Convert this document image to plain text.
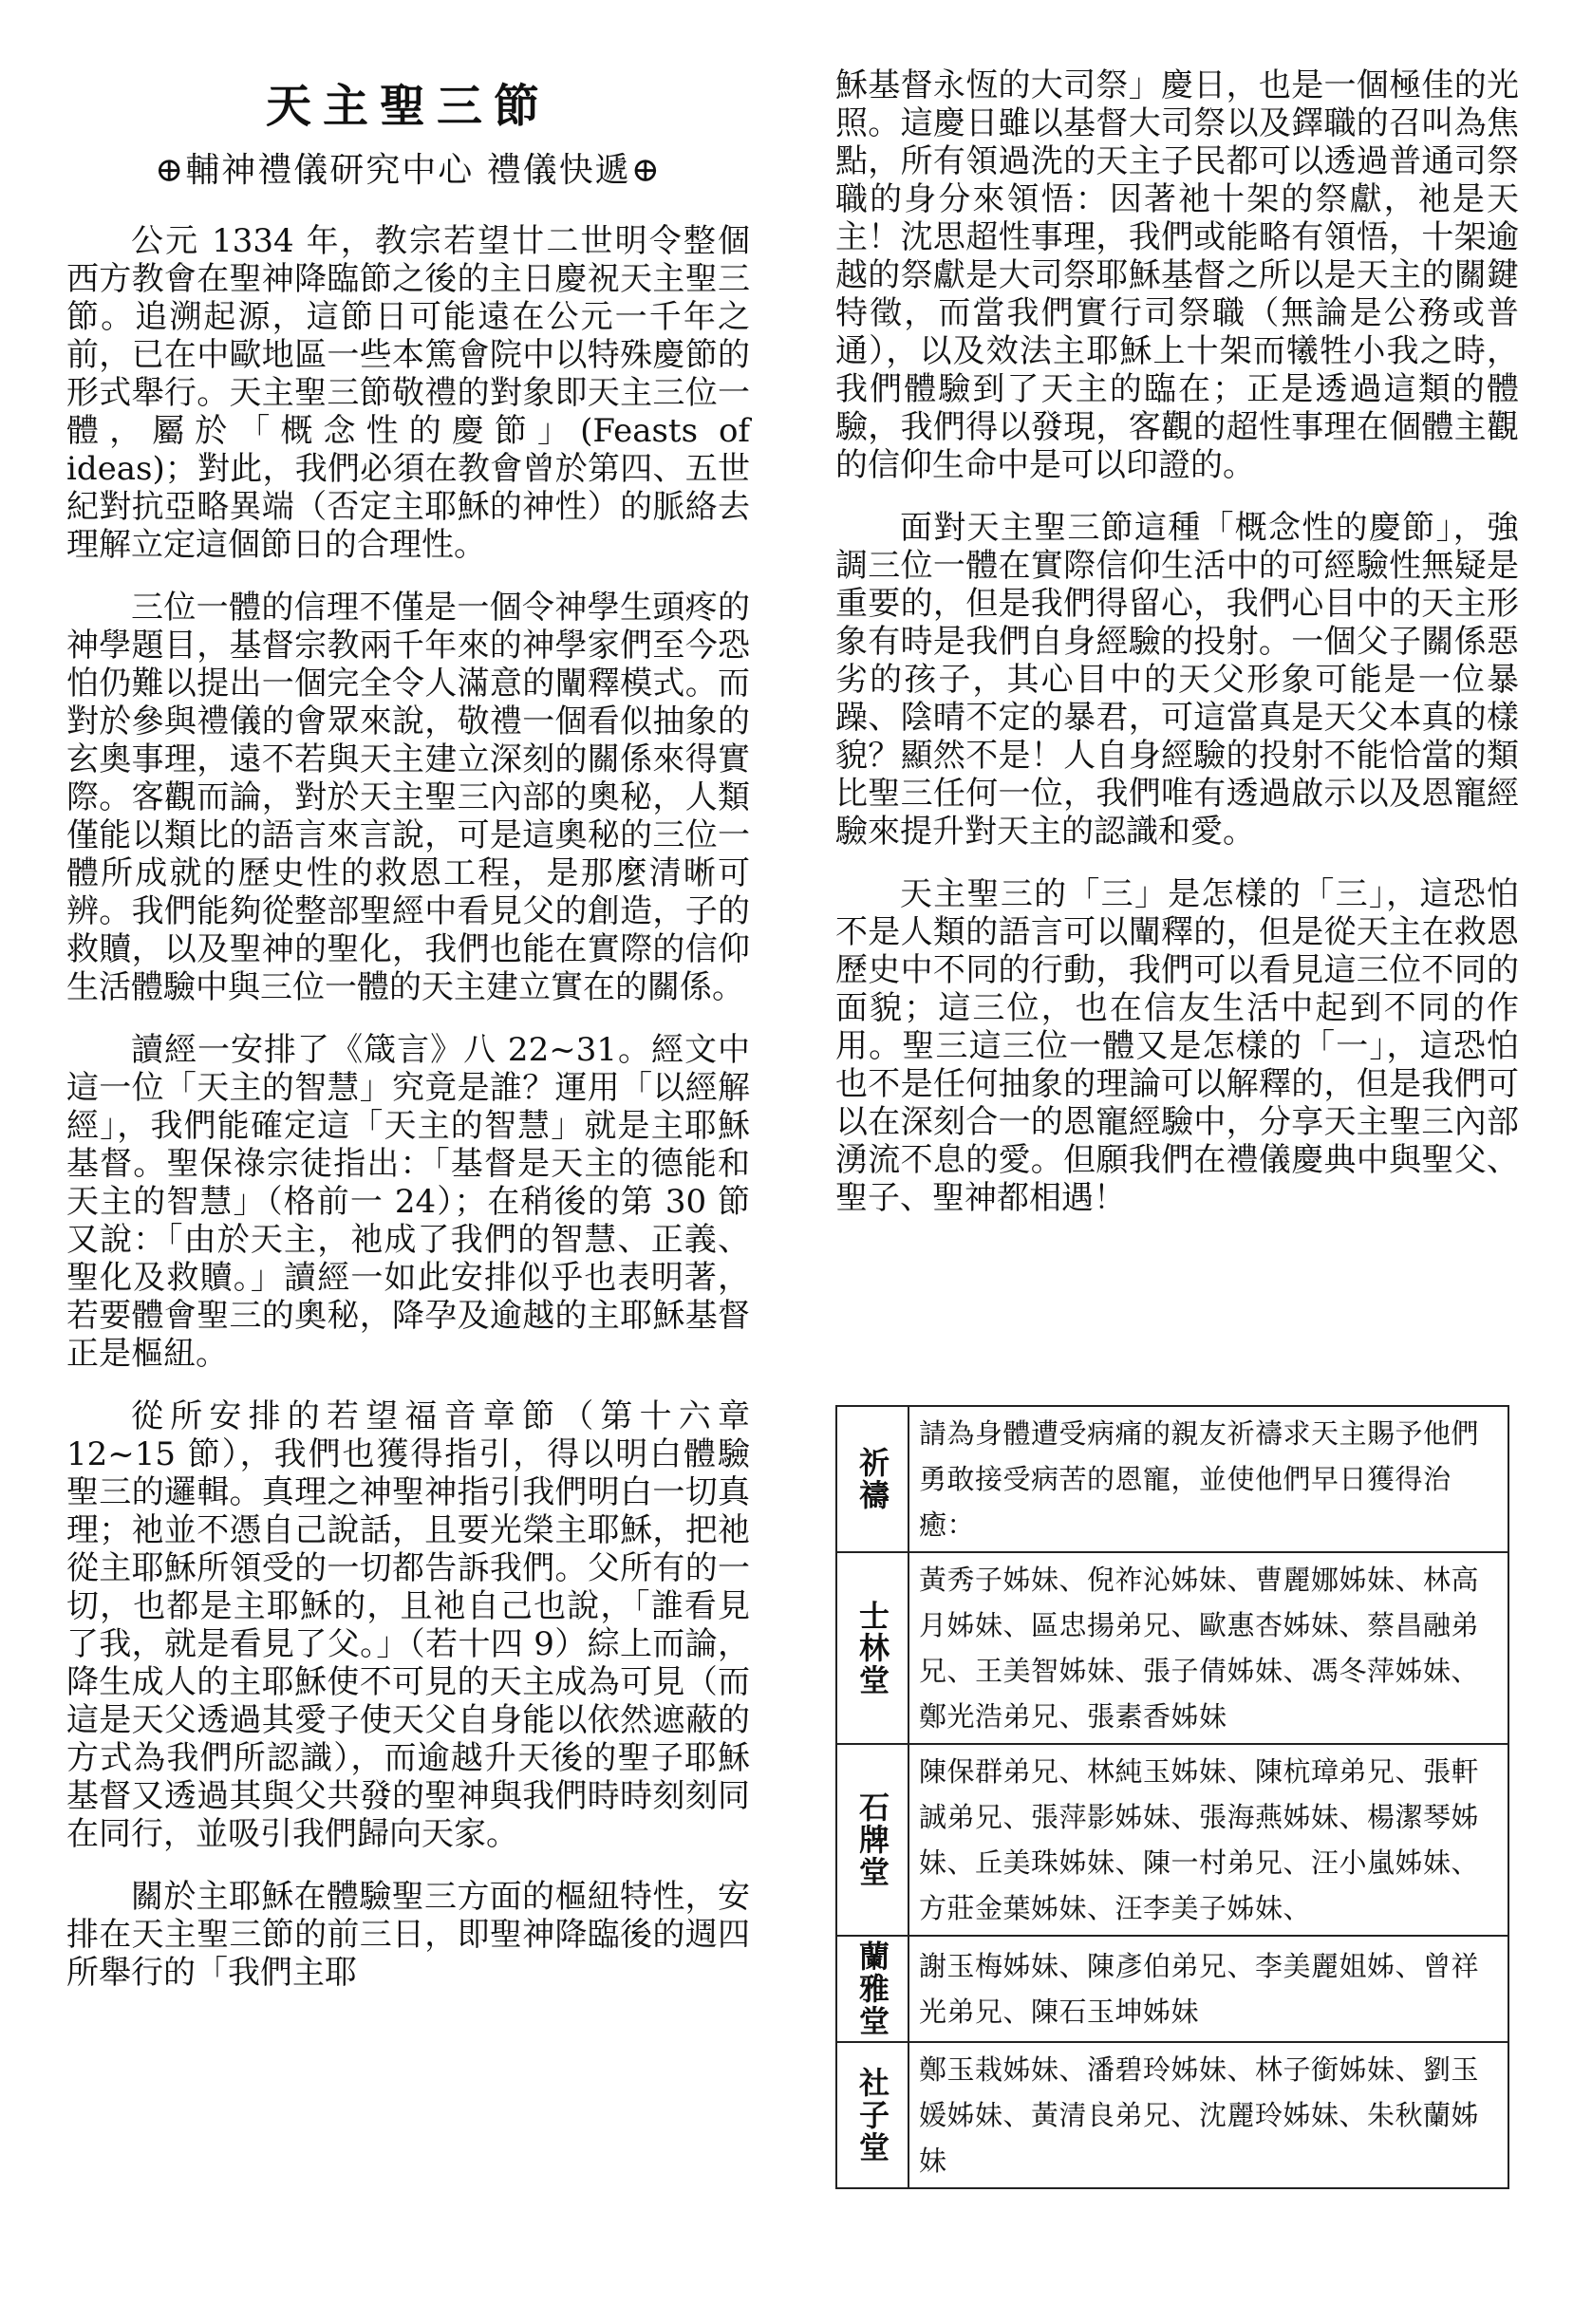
天主聖三節
⊕輔神禮儀研究中心 禮儀快遞⊕

公元 1334 年，教宗若望廿二世明令整個西方教會在聖神降臨節之後的主日慶祝天主聖三節。追溯起源，這節日可能遠在公元一千年之前，已在中歐地區一些本篤會院中以特殊慶節的形式舉行。天主聖三節敬禮的對象即天主三位一體，屬於「概念性的慶節」(Feasts of ideas)；對此，我們必須在教會曾於第四、五世紀對抗亞略異端（否定主耶穌的神性）的脈絡去理解立定這個節日的合理性。

三位一體的信理不僅是一個令神學生頭疼的神學題目，基督宗教兩千年來的神學家們至今恐怕仍難以提出一個完全令人滿意的闡釋模式。而對於參與禮儀的會眾來說，敬禮一個看似抽象的玄奧事理，遠不若與天主建立深刻的關係來得實際。客觀而論，對於天主聖三內部的奧秘，人類僅能以類比的語言來言說，可是這奧秘的三位一體所成就的歷史性的救恩工程，是那麼清晰可辨。我們能夠從整部聖經中看見父的創造，子的救贖，以及聖神的聖化，我們也能在實際的信仰生活體驗中與三位一體的天主建立實在的關係。

讀經一安排了《箴言》八 22~31。經文中這一位「天主的智慧」究竟是誰？運用「以經解經」，我們能確定這「天主的智慧」就是主耶穌基督。聖保祿宗徒指出：「基督是天主的德能和天主的智慧」（格前一 24）；在稍後的第 30 節又說：「由於天主，祂成了我們的智慧、正義、聖化及救贖。」讀經一如此安排似乎也表明著，若要體會聖三的奧秘，降孕及逾越的主耶穌基督正是樞紐。

從所安排的若望福音章節（第十六章 12~15 節），我們也獲得指引，得以明白體驗聖三的邏輯。真理之神聖神指引我們明白一切真理；祂並不憑自己說話，且要光榮主耶穌，把祂從主耶穌所領受的一切都告訴我們。父所有的一切，也都是主耶穌的，且祂自己也說，「誰看見了我，就是看見了父。」（若十四 9）綜上而論，降生成人的主耶穌使不可見的天主成為可見（而這是天父透過其愛子使天父自身能以依然遮蔽的方式為我們所認識），而逾越升天後的聖子耶穌基督又透過其與父共發的聖神與我們時時刻刻同在同行，並吸引我們歸向天家。

關於主耶穌在體驗聖三方面的樞紐特性，安排在天主聖三節的前三日，即聖神降臨後的週四所舉行的「我們主耶

穌基督永恆的大司祭」慶日，也是一個極佳的光照。這慶日雖以基督大司祭以及鐸職的召叫為焦點，所有領過洗的天主子民都可以透過普通司祭職的身分來領悟：因著祂十架的祭獻，祂是天主！沈思超性事理，我們或能略有領悟，十架逾越的祭獻是大司祭耶穌基督之所以是天主的關鍵特徵，而當我們實行司祭職（無論是公務或普通），以及效法主耶穌上十架而犧牲小我之時，我們體驗到了天主的臨在；正是透過這類的體驗，我們得以發現，客觀的超性事理在個體主觀的信仰生命中是可以印證的。

面對天主聖三節這種「概念性的慶節」，強調三位一體在實際信仰生活中的可經驗性無疑是重要的，但是我們得留心，我們心目中的天主形象有時是我們自身經驗的投射。一個父子關係惡劣的孩子，其心目中的天父形象可能是一位暴躁、陰晴不定的暴君，可這當真是天父本真的樣貌？顯然不是！人自身經驗的投射不能恰當的類比聖三任何一位，我們唯有透過啟示以及恩寵經驗來提升對天主的認識和愛。

天主聖三的「三」是怎樣的「三」，這恐怕不是人類的語言可以闡釋的，但是從天主在救恩歷史中不同的行動，我們可以看見這三位不同的面貌；這三位，也在信友生活中起到不同的作用。聖三這三位一體又是怎樣的「一」，這恐怕也不是任何抽象的理論可以解釋的，但是我們可以在深刻合一的恩寵經驗中，分享天主聖三內部湧流不息的愛。但願我們在禮儀慶典中與聖父、聖子、聖神都相遇！

祈禱	請為身體遭受病痛的親友祈禱求天主賜予他們勇敢接受病苦的恩寵，並使他們早日獲得治癒：
士林堂	黃秀子姊妹、倪祚沁姊妹、曹麗娜姊妹、林高月姊妹、區忠揚弟兄、歐惠杏姊妹、蔡昌融弟兄、王美智姊妹、張子倩姊妹、馮冬萍姊妹、鄭光浩弟兄、張素香姊妹
石牌堂	陳保群弟兄、林純玉姊妹、陳杭璋弟兄、張軒誠弟兄、張萍影姊妹、張海燕姊妹、楊潔琴姊妹、丘美珠姊妹、陳一村弟兄、汪小嵐姊妹、方莊金葉姊妹、汪李美子姊妹、
蘭雅堂	謝玉梅姊妹、陳彥伯弟兄、李美麗姐姊、曾祥光弟兄、陳石玉坤姊妹
社子堂	鄭玉栽姊妹、潘碧玲姊妹、林子銜姊妹、劉玉媛姊妹、黃清良弟兄、沈麗玲姊妹、朱秋蘭姊妹
